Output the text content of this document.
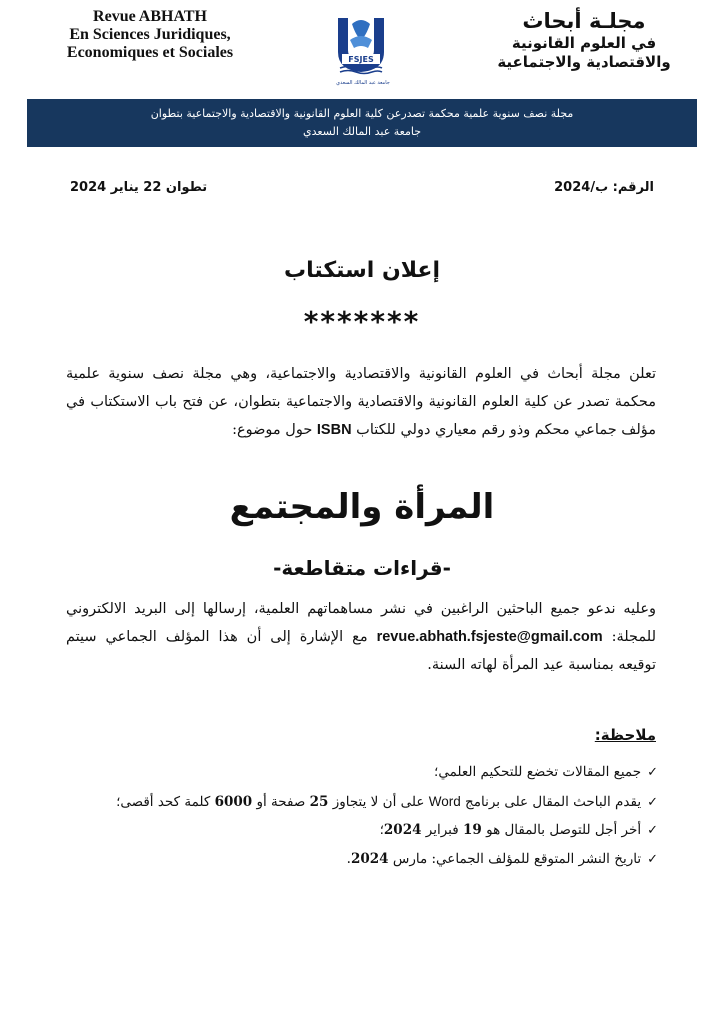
Revue ABHATH
En Sciences Juridiques,
Economiques et Sociales	FSJES
جامعة عبد المالك السعدي
مجلـة أبحاث
في العلوم القانونية
والاقتصادية والاجتماعية
مجلة نصف سنوية علمية محكمة تصدرعن كلية العلوم القانونية والاقتصادية والاجتماعية بتطوان
جامعة عبد المالك السعدي
الرقم: ب/2024
تطوان 22 يناير 2024
إعلان استكتاب
*******
تعلن مجلة أبحاث في العلوم القانونية والاقتصادية والاجتماعية، وهي مجلة نصف سنوية علمية محكمة تصدر عن كلية العلوم القانونية والاقتصادية والاجتماعية بتطوان، عن فتح باب الاستكتاب في مؤلف جماعي محكم وذو رقم معياري دولي للكتاب ISBN حول موضوع:
المرأة والمجتمع
-قراءات متقاطعة-
وعليه ندعو جميع الباحثين الراغبين في نشر مساهماتهم العلمية، إرسالها إلى البريد الالكتروني للمجلة: revue.abhath.fsjeste@gmail.com مع الإشارة إلى أن هذا المؤلف الجماعي سيتم توقيعه بمناسبة عيد المرأة لهاته السنة.
ملاحظة:
✓جميع المقالات تخضع للتحكيم العلمي؛
✓يقدم الباحث المقال على برنامج Word على أن لا يتجاوز 25 صفحة أو 6000 كلمة كحد أقصى؛
✓أخر أجل للتوصل بالمقال هو 19 فبراير 2024؛
✓تاريخ النشر المتوقع للمؤلف الجماعي: مارس 2024.
